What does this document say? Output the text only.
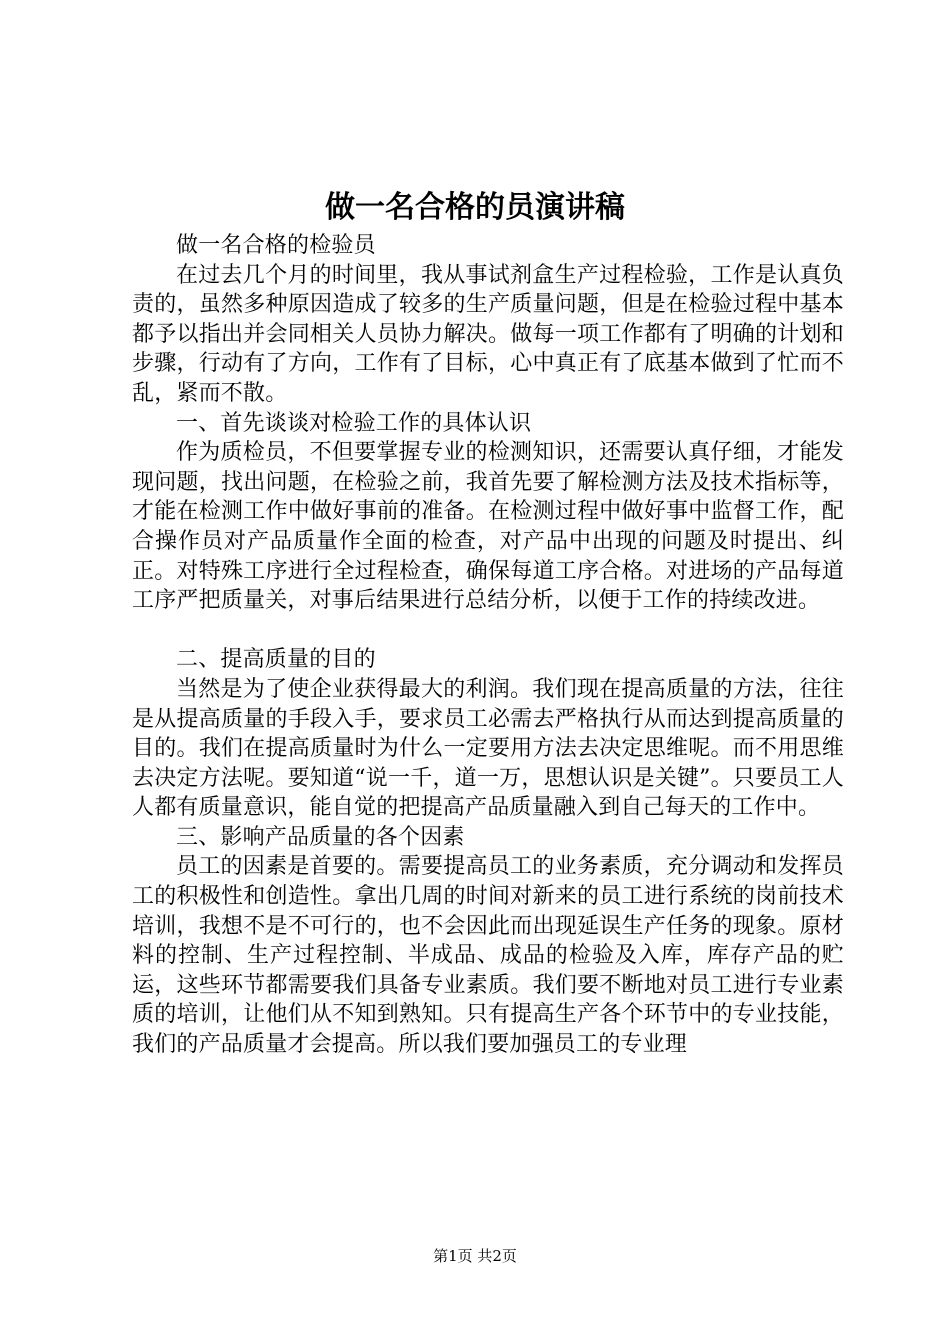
做一名合格的员演讲稿

做一名合格的检验员

在过去几个月的时间里，我从事试剂盒生产过程检验，工作是认真负责的，虽然多种原因造成了较多的生产质量问题，但是在检验过程中基本都予以指出并会同相关人员协力解决。做每一项工作都有了明确的计划和步骤，行动有了方向，工作有了目标，心中真正有了底基本做到了忙而不乱，紧而不散。

一、首先谈谈对检验工作的具体认识

作为质检员，不但要掌握专业的检测知识，还需要认真仔细，才能发现问题，找出问题，在检验之前，我首先要了解检测方法及技术指标等，才能在检测工作中做好事前的准备。在检测过程中做好事中监督工作，配合操作员对产品质量作全面的检查，对产品中出现的问题及时提出、纠正。对特殊工序进行全过程检查，确保每道工序合格。对进场的产品每道工序严把质量关，对事后结果进行总结分析，以便于工作的持续改进。

二、提高质量的目的

当然是为了使企业获得最大的利润。我们现在提高质量的方法，往往是从提高质量的手段入手，要求员工必需去严格执行从而达到提高质量的目的。我们在提高质量时为什么一定要用方法去决定思维呢。而不用思维去决定方法呢。要知道“说一千，道一万，思想认识是关键”。只要员工人人都有质量意识，能自觉的把提高产品质量融入到自己每天的工作中。

三、影响产品质量的各个因素

员工的因素是首要的。需要提高员工的业务素质，充分调动和发挥员工的积极性和创造性。拿出几周的时间对新来的员工进行系统的岗前技术培训，我想不是不可行的，也不会因此而出现延误生产任务的现象。原材料的控制、生产过程控制、半成品、成品的检验及入库，库存产品的贮运，这些环节都需要我们具备专业素质。我们要不断地对员工进行专业素质的培训，让他们从不知到熟知。只有提高生产各个环节中的专业技能，我们的产品质量才会提高。所以我们要加强员工的专业理

第1页 共2页
